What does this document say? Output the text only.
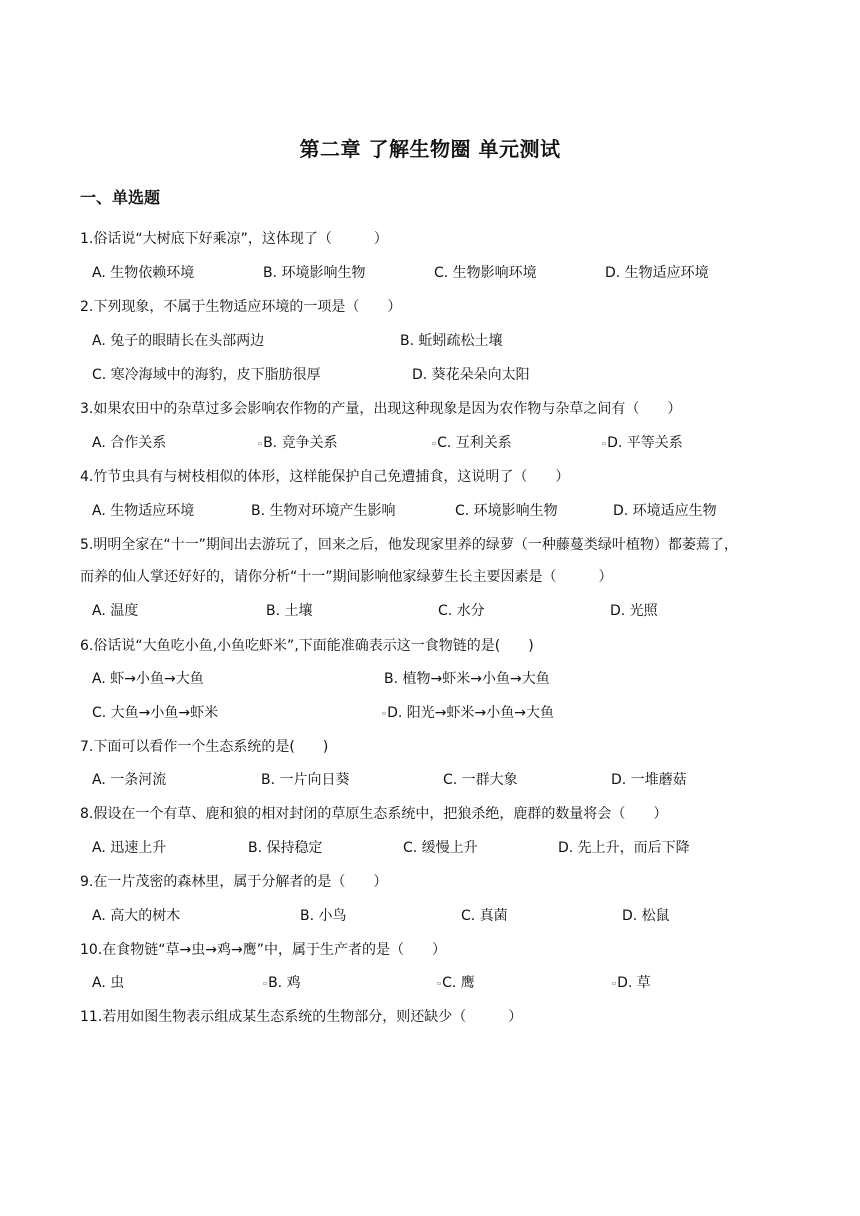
第二章 了解生物圈 单元测试
一、单选题
1.俗话说“大树底下好乘凉”，这体现了（　　　）
A. 生物依赖环境	B. 环境影响生物	C. 生物影响环境	D. 生物适应环境
2.下列现象，不属于生物适应环境的一项是（　　）
A. 兔子的眼睛长在头部两边	B. 蚯蚓疏松土壤
C. 寒冷海域中的海豹，皮下脂肪很厚	D. 葵花朵朵向太阳
3.如果农田中的杂草过多会影响农作物的产量，出现这种现象是因为农作物与杂草之间有（　　）
A. 合作关系	▫B. 竞争关系	▫C. 互利关系	▫D. 平等关系
4.竹节虫具有与树枝相似的体形，这样能保护自己免遭捕食，这说明了（　　）
A. 生物适应环境	B. 生物对环境产生影响	C. 环境影响生物	D. 环境适应生物
5.明明全家在“十一”期间出去游玩了，回来之后，他发现家里养的绿萝（一种藤蔓类绿叶植物）都萎蔫了，
而养的仙人掌还好好的，请你分析“十一”期间影响他家绿萝生长主要因素是（　　　）
A. 温度	B. 土壤	C. 水分	D. 光照
6.俗话说“大鱼吃小鱼,小鱼吃虾米”,下面能准确表示这一食物链的是(　　)
A. 虾→小鱼→大鱼	B. 植物→虾米→小鱼→大鱼
C. 大鱼→小鱼→虾米	▫D. 阳光→虾米→小鱼→大鱼
7.下面可以看作一个生态系统的是(　　)
A. 一条河流	B. 一片向日葵	C. 一群大象	D. 一堆蘑菇
8.假设在一个有草、鹿和狼的相对封闭的草原生态系统中，把狼杀绝，鹿群的数量将会（　　）
A. 迅速上升	B. 保持稳定	C. 缓慢上升	D. 先上升，而后下降
9.在一片茂密的森林里，属于分解者的是（　　）
A. 高大的树木	B. 小鸟	C. 真菌	D. 松鼠
10.在食物链“草→虫→鸡→鹰”中，属于生产者的是（　　）
A. 虫	▫B. 鸡	▫C. 鹰	▫D. 草
11.若用如图生物表示组成某生态系统的生物部分，则还缺少（　　　）
